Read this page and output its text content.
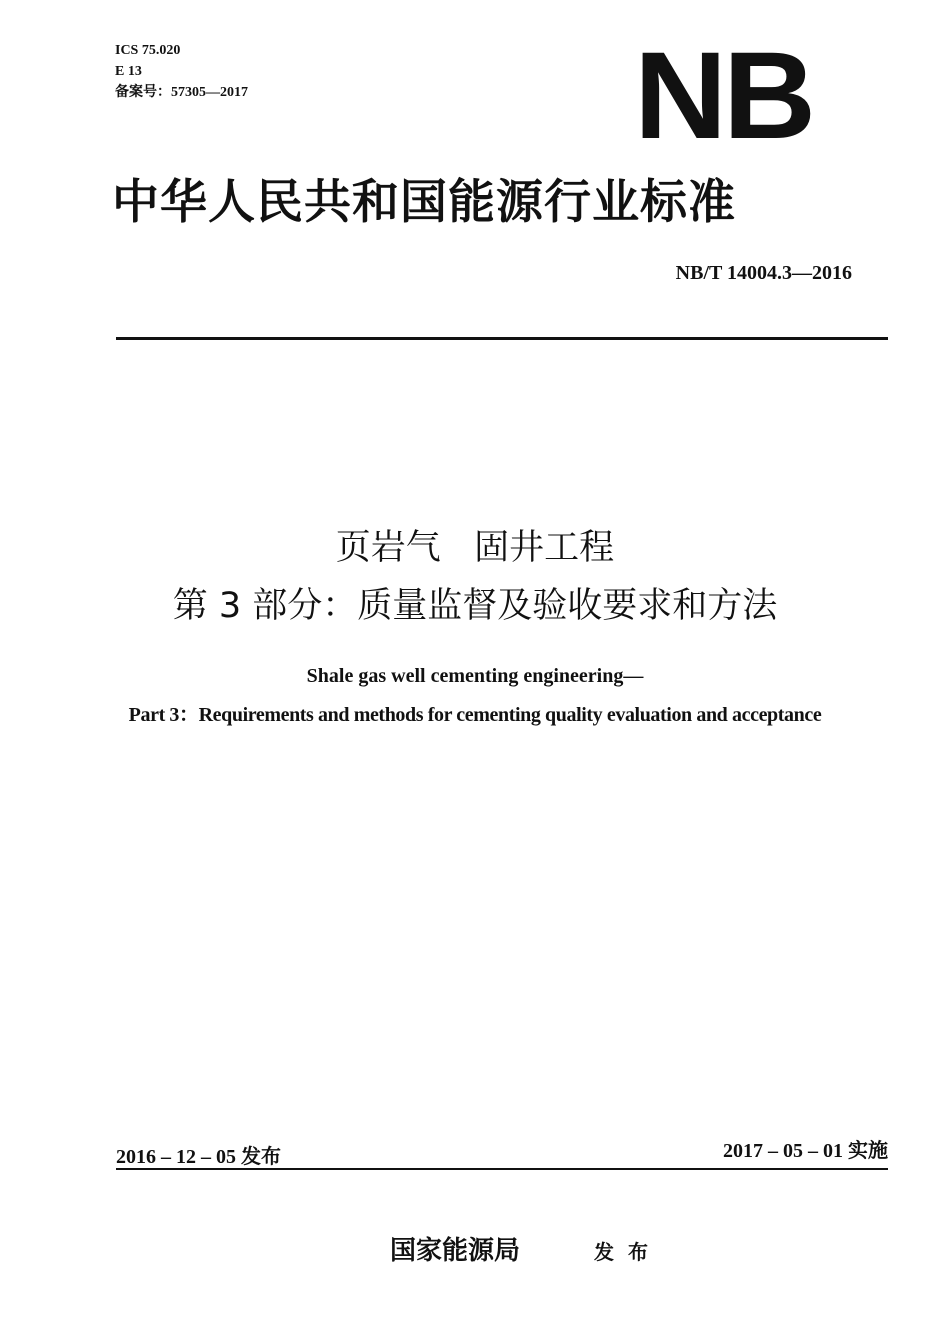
ICS 75.020
E 13
备案号：57305—2017	NB
中华人民共和国能源行业标准
NB/T 14004.3—2016
页岩气   固井工程
第 3 部分：质量监督及验收要求和方法
Shale gas well cementing engineering—
Part 3：Requirements and methods for cementing quality evaluation and acceptance
2016 – 12 – 05 发布	2017 – 05 – 01 实施
国家能源局	发布
